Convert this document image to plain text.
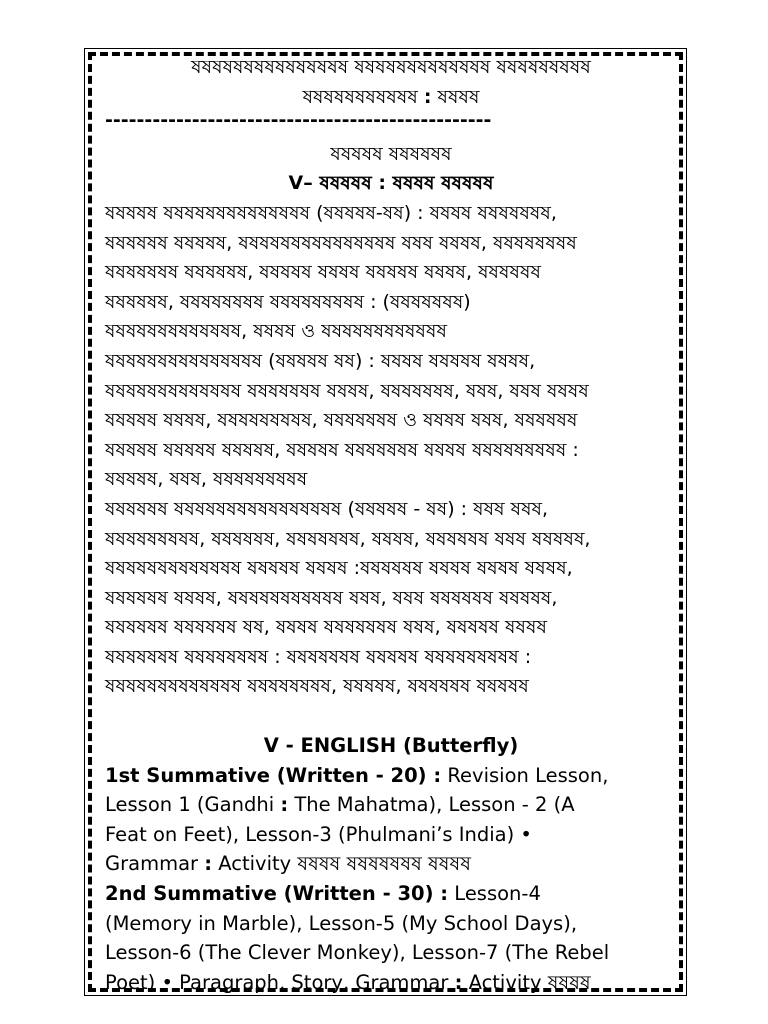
ষষষষষষষষষষষষষষষ ষষষষষষষষষষষষষ ষষষষষষষষষ
ষষষষষষষষষষষ : ষষষষ
-------------------------------------------------
ষষষষষ ষষষষষষ
V– ষষষষষ : ষষষষ ষষষষষ
ষষষষষ ষষষষষষষষষষষষষষ (ষষষষষ-ষষ) : ষষষষ ষষষষষষষ,
ষষষষষষ ষষষষষ, ষষষষষষষষষষষষষষষ ষষষ ষষষষ, ষষষষষষষষ
ষষষষষষষ ষষষষষষ, ষষষষষ ষষষষ ষষষষষ ষষষষ, ষষষষষষ
ষষষষষষ, ষষষষষষষষ ষষষষষষষষষ : (ষষষষষষষ)
ষষষষষষষষষষষষষ, ষষষষ ও ষষষষষষষষষষষষ
ষষষষষষষষষষষষষষষ (ষষষষষ ষষ) : ষষষষ ষষষষষ ষষষষ,
ষষষষষষষষষষষষষ ষষষষষষষ ষষষষ, ষষষষষষষ, ষষষ, ষষষ ষষষষ
ষষষষষ ষষষষ, ষষষষষষষষষ, ষষষষষষষ ও ষষষষ ষষষ, ষষষষষষ
ষষষষষ ষষষষষ ষষষষষ, ষষষষষ ষষষষষষষ ষষষষ ষষষষষষষষষ :
ষষষষষ, ষষষ, ষষষষষষষষষ
ষষষষষষ ষষষষষষষষষষষষষষষষ (ষষষষষ - ষষ) : ষষষ ষষষ,
ষষষষষষষষষ, ষষষষষষ, ষষষষষষষ, ষষষষ, ষষষষষষ ষষষ ষষষষষ,
ষষষষষষষষষষষষষ ষষষষষ ষষষষ :ষষষষষষ ষষষষ ষষষষ ষষষষ,
ষষষষষষ ষষষষ, ষষষষষষষষষষষ ষষষ, ষষষ ষষষষষষ ষষষষষ,
ষষষষষষ ষষষষষষ ষষ, ষষষষ ষষষষষষষ ষষষ, ষষষষষ ষষষষ
ষষষষষষষ ষষষষষষষষ : ষষষষষষষ ষষষষষ ষষষষষষষষষ :
ষষষষষষষষষষষষষ ষষষষষষষষ, ষষষষষ, ষষষষষষ ষষষষষ
V - ENGLISH (Butterfly)
1st Summative (Written - 20) : Revision Lesson,
Lesson 1 (Gandhi : The Mahatma), Lesson - 2 (A
Feat on Feet), Lesson-3 (Phulmani’s India) •
Grammar : Activity ষষষষ ষষষষষষষ ষষষষ
2nd Summative (Written - 30) : Lesson-4
(Memory in Marble), Lesson-5 (My School Days),
Lesson-6 (The Clever Monkey), Lesson-7 (The Rebel
Poet) • Paragraph, Story, Grammar : Activity ষষষষ
